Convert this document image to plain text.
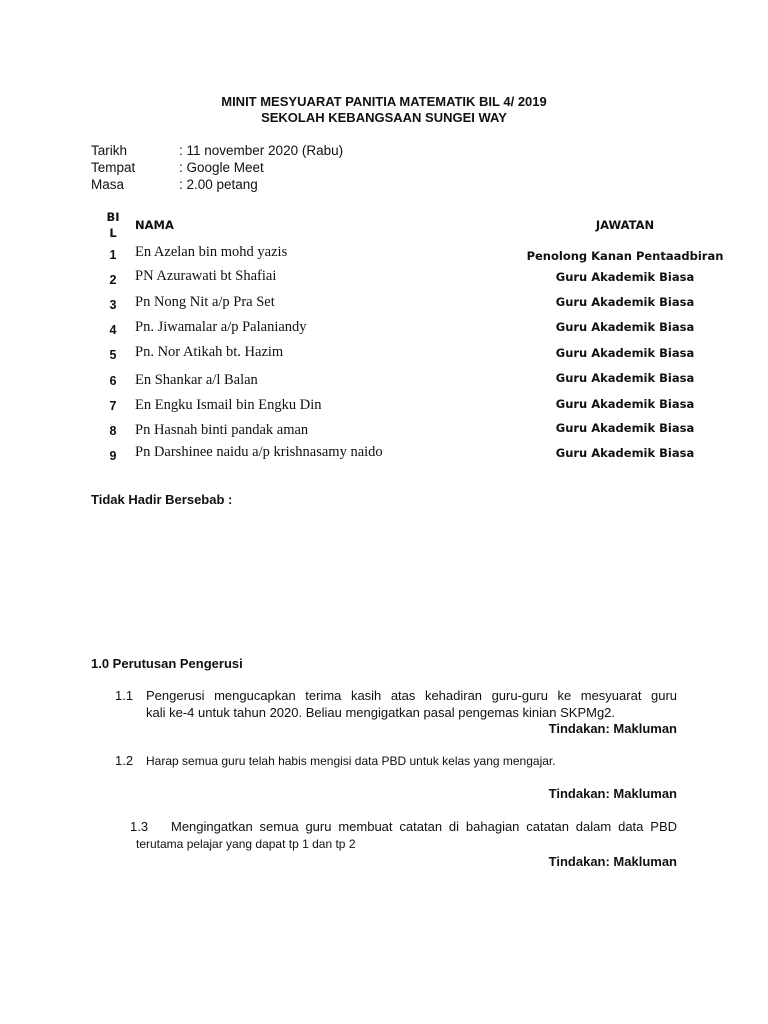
MINIT MESYUARAT PANITIA MATEMATIK BIL 4/ 2019
SEKOLAH KEBANGSAAN SUNGEI WAY
Tarikh	: 11 november 2020 (Rabu)
Tempat	: Google Meet
Masa	: 2.00 petang
BI
L
NAMA	JAWATAN
1	En Azelan bin mohd yazis	Penolong Kanan Pentaadbiran
2	PN Azurawati bt Shafiai	Guru Akademik Biasa
3	Pn Nong Nit a/p Pra Set	Guru Akademik Biasa
4	Pn. Jiwamalar a/p Palaniandy	Guru Akademik Biasa
5	Pn. Nor Atikah bt. Hazim	Guru Akademik Biasa
6	En Shankar a/l Balan	Guru Akademik Biasa
7	En Engku Ismail bin Engku Din	Guru Akademik Biasa
8	Pn Hasnah binti pandak aman	Guru Akademik Biasa
9	Pn Darshinee naidu a/p krishnasamy naido	Guru Akademik Biasa
Tidak Hadir Bersebab :
1.0 Perutusan Pengerusi
1.1 Pengerusi mengucapkan terima kasih atas kehadiran guru-guru ke mesyuarat guru
kali ke-4 untuk tahun 2020. Beliau mengigatkan pasal pengemas kinian SKPMg2.
Tindakan: Makluman
1.2 Harap semua guru telah habis mengisi data PBD untuk kelas yang mengajar.
Tindakan: Makluman
1.3 Mengingatkan semua guru membuat catatan di bahagian catatan dalam data PBD
terutama pelajar yang dapat tp 1 dan tp 2
Tindakan: Makluman
